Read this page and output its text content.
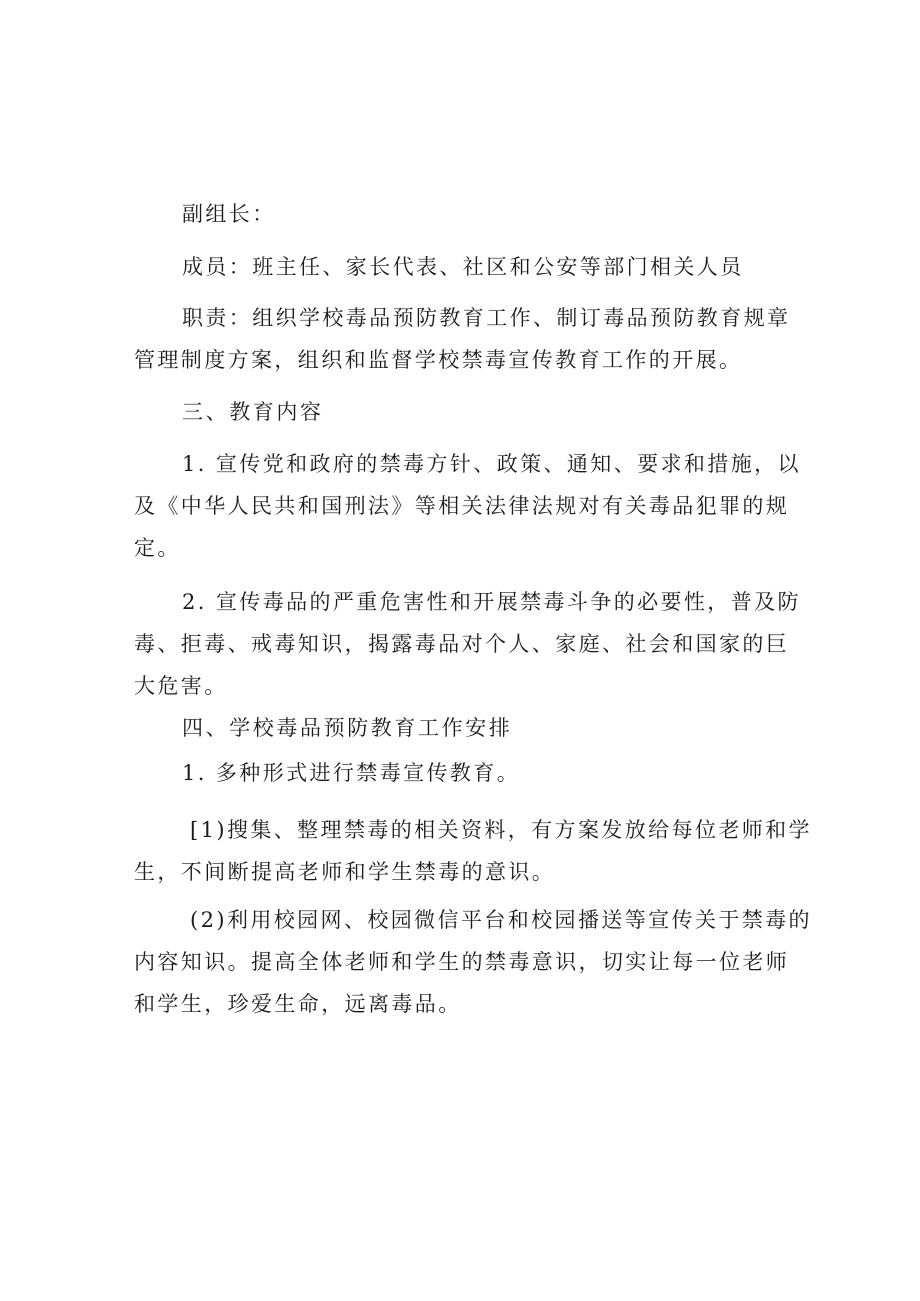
副组长：
成员：班主任、家长代表、社区和公安等部门相关人员
职责：组织学校毒品预防教育工作、制订毒品预防教育规章
管理制度方案，组织和监督学校禁毒宣传教育工作的开展。
三、教育内容
1. 宣传党和政府的禁毒方针、政策、通知、要求和措施，以
及《中华人民共和国刑法》等相关法律法规对有关毒品犯罪的规
定。
2. 宣传毒品的严重危害性和开展禁毒斗争的必要性，普及防
毒、拒毒、戒毒知识，揭露毒品对个人、家庭、社会和国家的巨
大危害。
四、学校毒品预防教育工作安排
1. 多种形式进行禁毒宣传教育。
[1)搜集、整理禁毒的相关资料，有方案发放给每位老师和学
生，不间断提高老师和学生禁毒的意识。
(2)利用校园网、校园微信平台和校园播送等宣传关于禁毒的
内容知识。提高全体老师和学生的禁毒意识，切实让每一位老师
和学生，珍爱生命，远离毒品。
